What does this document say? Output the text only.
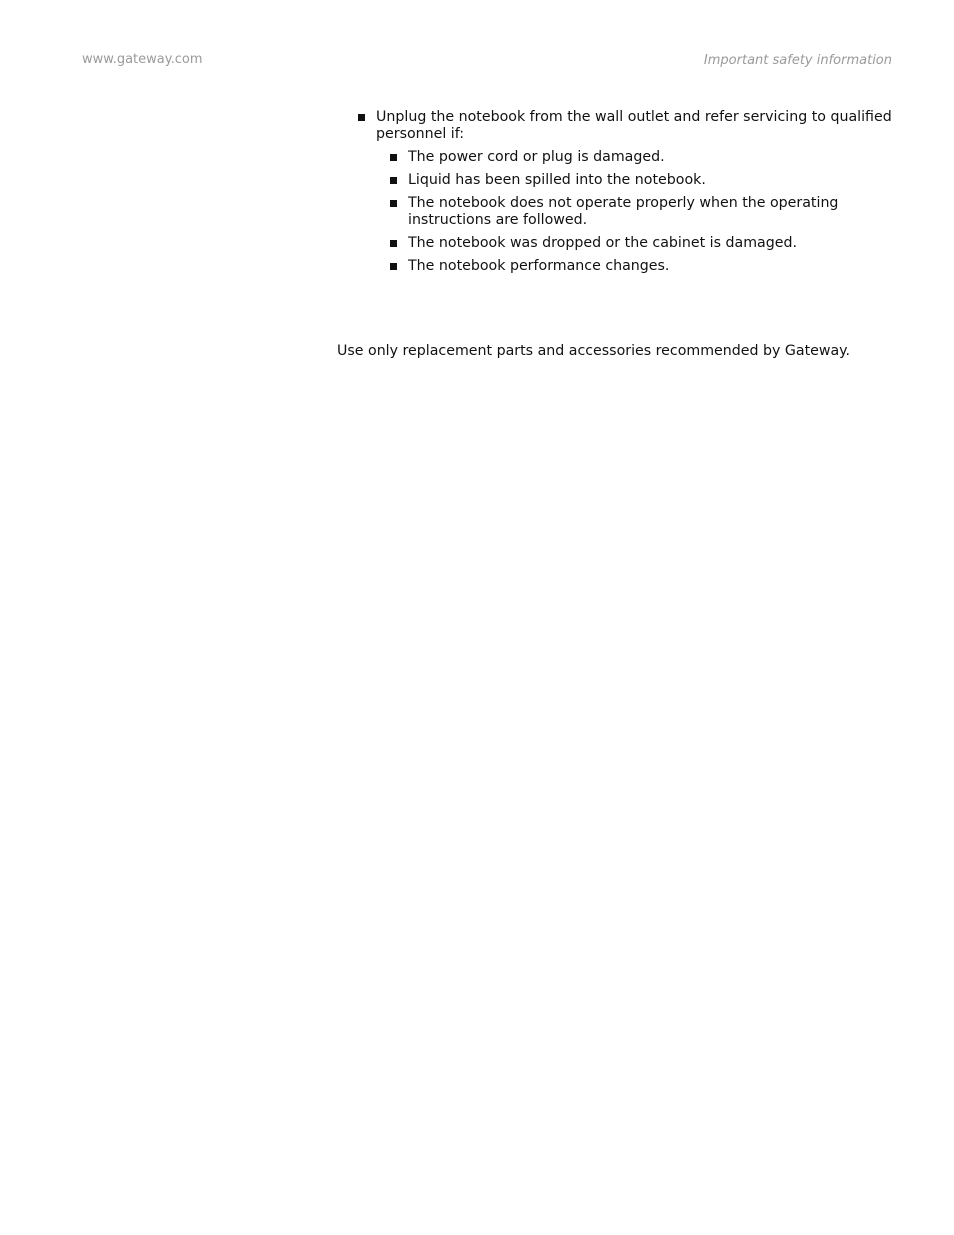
www.gateway.com	Important safety information
Unplug the notebook from the wall outlet and refer servicing to qualified personnel if:
The power cord or plug is damaged.
Liquid has been spilled into the notebook.
The notebook does not operate properly when the operating instructions are followed.
The notebook was dropped or the cabinet is damaged.
The notebook performance changes.
Use only replacement parts and accessories recommended by Gateway.
